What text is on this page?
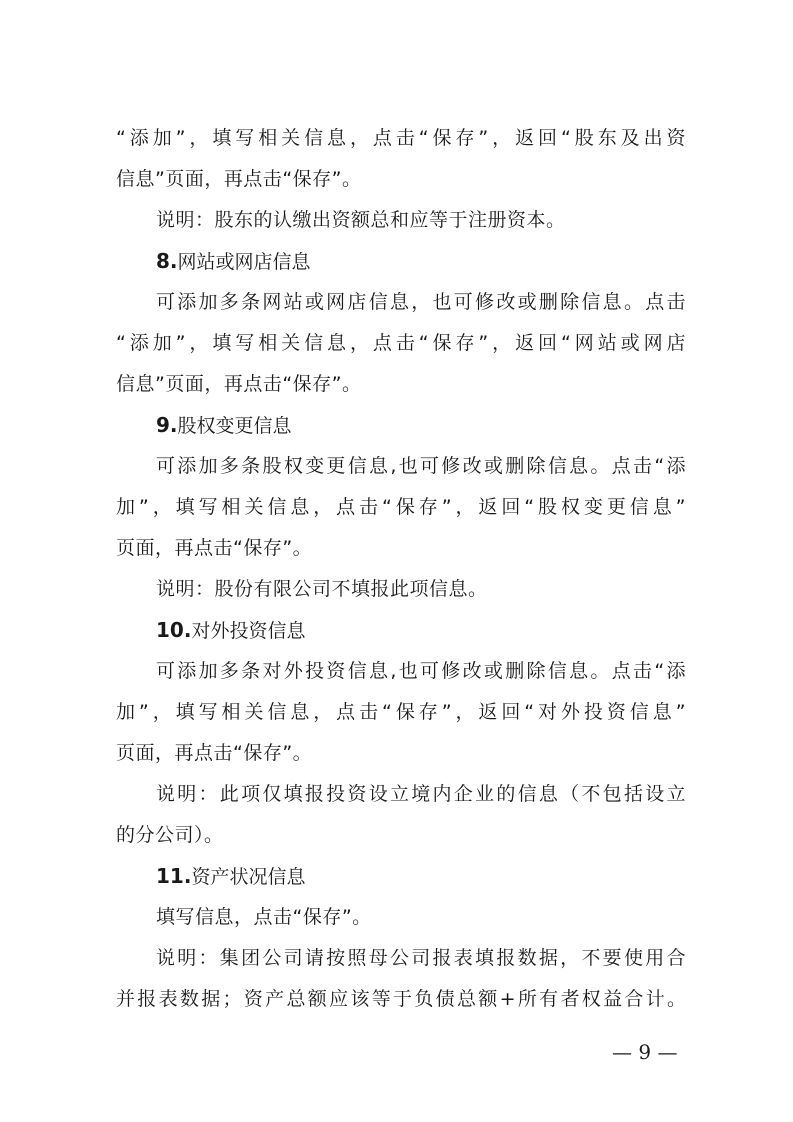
“添加”，填写相关信息，点击“保存”，返回“股东及出资
信息”页面，再点击“保存”。
说明：股东的认缴出资额总和应等于注册资本。
8.网站或网店信息
可添加多条网站或网店信息，也可修改或删除信息。点击
“添加”，填写相关信息，点击“保存”，返回“网站或网店
信息”页面，再点击“保存”。
9.股权变更信息
可添加多条股权变更信息,也可修改或删除信息。点击“添
加”，填写相关信息，点击“保存”，返回“股权变更信息”
页面，再点击“保存”。
说明：股份有限公司不填报此项信息。
10.对外投资信息
可添加多条对外投资信息,也可修改或删除信息。点击“添
加”，填写相关信息，点击“保存”，返回“对外投资信息”
页面，再点击“保存”。
说明：此项仅填报投资设立境内企业的信息（不包括设立
的分公司）。
11.资产状况信息
填写信息，点击“保存”。
说明：集团公司请按照母公司报表填报数据，不要使用合
并报表数据；资产总额应该等于负债总额+所有者权益合计。
— 9 —
